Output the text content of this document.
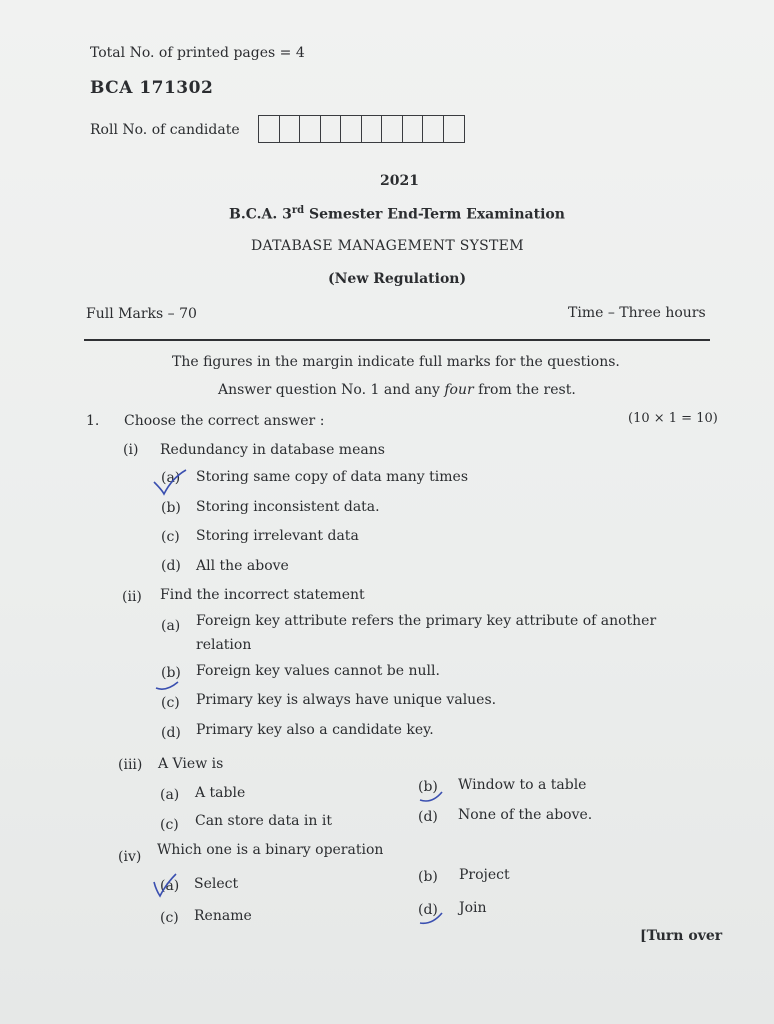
Total No. of printed pages = 4
BCA 171302
Roll No. of candidate
2021
B.C.A. 3rd Semester End-Term Examination
DATABASE MANAGEMENT SYSTEM
(New Regulation)
Full Marks – 70	Time – Three hours
The figures in the margin indicate full marks for the questions.
Answer question No. 1 and any four from the rest.
1. Choose the correct answer :	(10 × 1 = 10)
(i) Redundancy in database means
(a) Storing same copy of data many times
(b) Storing inconsistent data.
(c) Storing irrelevant data
(d) All the above
(ii) Find the incorrect statement
(a) Foreign key attribute refers the primary key attribute of another
relation
(b) Foreign key values cannot be null.
(c) Primary key is always have unique values.
(d) Primary key also a candidate key.
(iii) A View is
(a) A table	(b) Window to a table
(c) Can store data in it	(d) None of the above.
(iv) Which one is a binary operation
(a) Select	(b) Project
(c) Rename	(d) Join
[Turn over
